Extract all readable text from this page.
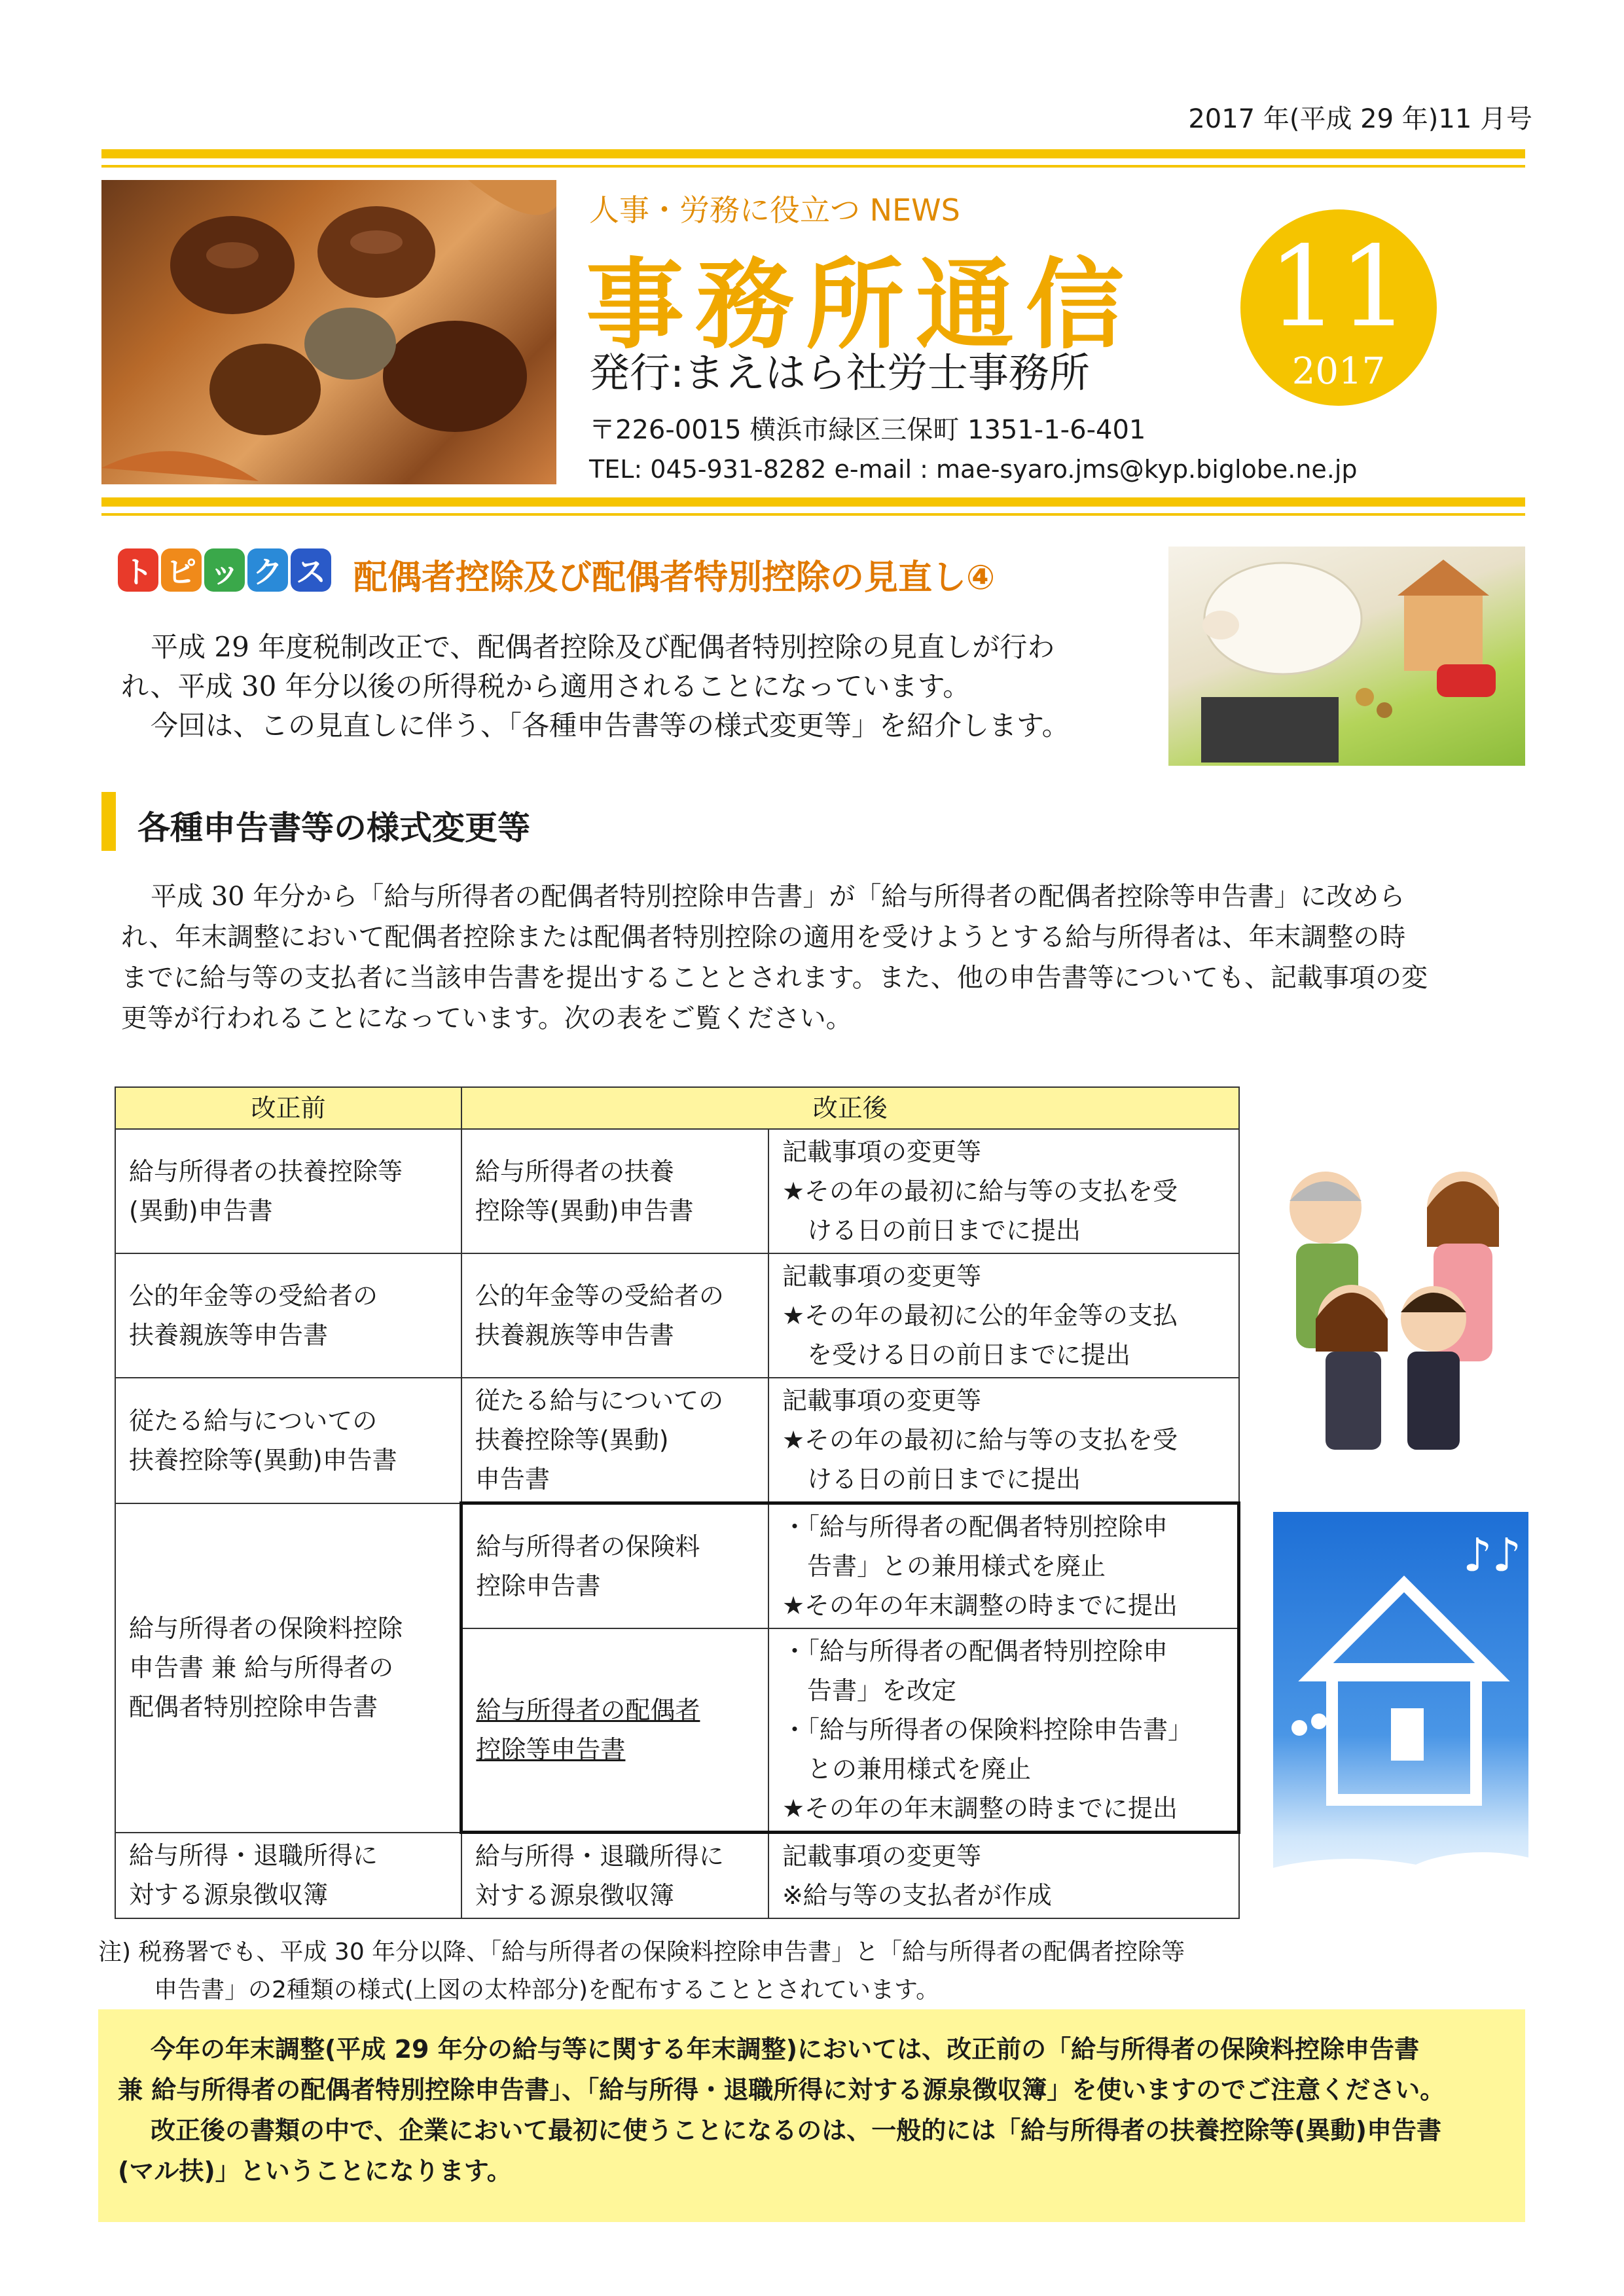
2017 年(平成 29 年)11 月号
人事・労務に役立つ NEWS
事務所通信
発行:まえはら社労士事務所
〒226-0015 横浜市緑区三保町 1351-1-6-401
TEL: 045-931-8282 e-mail : mae-syaro.jms@kyp.biglobe.ne.jp
11
2017
ト ピ ッ ク ス 配偶者控除及び配偶者特別控除の見直し④
平成 29 年度税制改正で、配偶者控除及び配偶者特別控除の見直しが行わ
れ、平成 30 年分以後の所得税から適用されることになっています。
今回は、この見直しに伴う、「各種申告書等の様式変更等」を紹介します。
各種申告書等の様式変更等
平成 30 年分から「給与所得者の配偶者特別控除申告書」が「給与所得者の配偶者控除等申告書」に改めら
れ、年末調整において配偶者控除または配偶者特別控除の適用を受けようとする給与所得者は、年末調整の時
までに給与等の支払者に当該申告書を提出することとされます。また、他の申告書等についても、記載事項の変
更等が行われることになっています。次の表をご覧ください。
改正前	改正後	

給与所得者の扶養控除等
(異動)申告書	給与所得者の扶養
控除等(異動)申告書	記載事項の変更等
★その年の最初に給与等の支払を受
ける日の前日までに提出

公的年金等の受給者の
扶養親族等申告書	公的年金等の受給者の
扶養親族等申告書	記載事項の変更等
★その年の最初に公的年金等の支払
を受ける日の前日までに提出

従たる給与についての
扶養控除等(異動)申告書	従たる給与についての
扶養控除等(異動)
申告書	記載事項の変更等
★その年の最初に給与等の支払を受
ける日の前日までに提出

給与所得者の保険料控除
申告書 兼 給与所得者の
配偶者特別控除申告書	給与所得者の保険料
控除申告書	・「給与所得者の配偶者特別控除申
告書」との兼用様式を廃止
★その年の年末調整の時までに提出

	給与所得者の配偶者
控除等申告書	・「給与所得者の配偶者特別控除申
告書」を改定
・「給与所得者の保険料控除申告書」
との兼用様式を廃止
★その年の年末調整の時までに提出

給与所得・退職所得に
対する源泉徴収簿	給与所得・退職所得に
対する源泉徴収簿	記載事項の変更等
※給与等の支払者が作成
♪♪
注) 税務署でも、平成 30 年分以降、「給与所得者の保険料控除申告書」と「給与所得者の配偶者控除等
申告書」の2種類の様式(上図の太枠部分)を配布することとされています。
今年の年末調整(平成 29 年分の給与等に関する年末調整)においては、改正前の「給与所得者の保険料控除申告書
兼 給与所得者の配偶者特別控除申告書」、「給与所得・退職所得に対する源泉徴収簿」を使いますのでご注意ください。
改正後の書類の中で、企業において最初に使うことになるのは、一般的には「給与所得者の扶養控除等(異動)申告書
(マル扶)」ということになります。
